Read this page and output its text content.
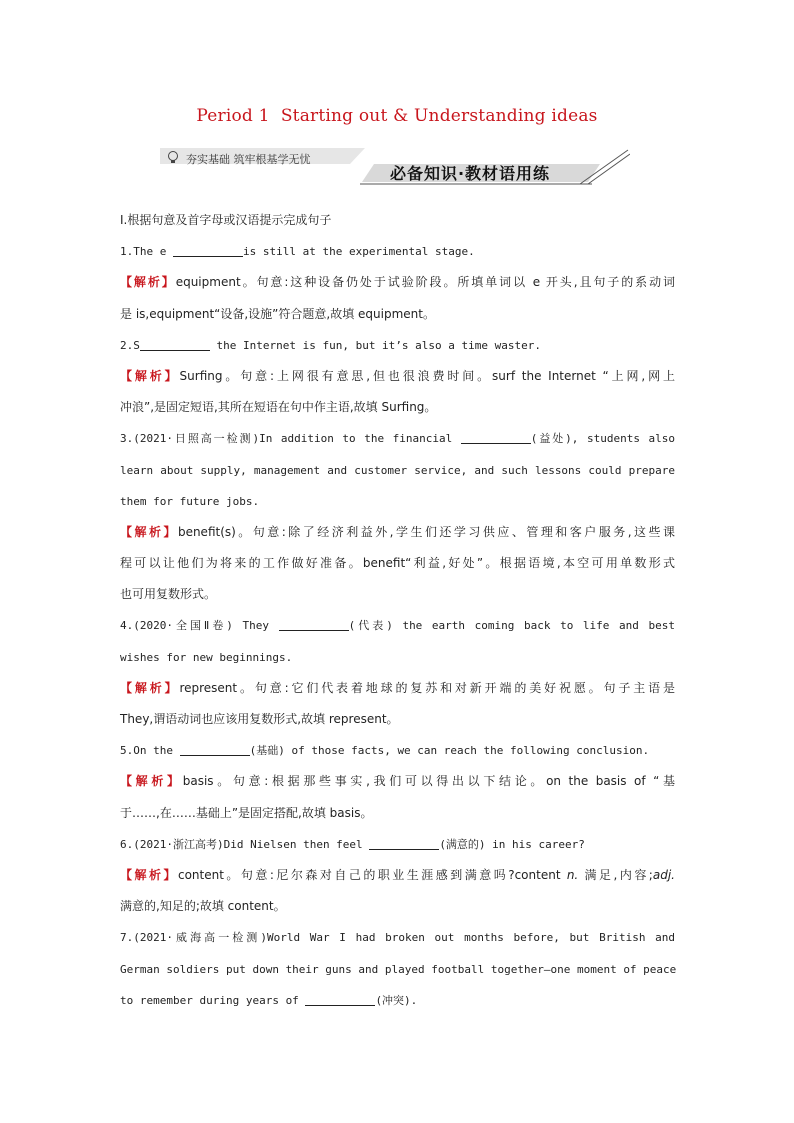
Period 1  Starting out & Understanding ideas
夯实基础 筑牢根基学无忧
必备知识·教材语用练
Ⅰ.根据句意及首字母或汉语提示完成句子
1.The e	is still at the experimental stage.
【解析】equipment。句意:这种设备仍处于试验阶段。所填单词以 e 开头,且句子的系动词
是 is,equipment“设备,设施”符合题意,故填 equipment。
2.S	the Internet is fun, but it’s also a time waster.
【解析】Surfing。句意:上网很有意思,但也很浪费时间。surf the Internet “上网,网上
冲浪”,是固定短语,其所在短语在句中作主语,故填 Surfing。
3.(2021·日照高一检测)In addition to the financial	(益处), students also
learn about supply, management and customer service, and such lessons could prepare
them for future jobs.
【解析】benefit(s)。句意:除了经济利益外,学生们还学习供应、管理和客户服务,这些课
程可以让他们为将来的工作做好准备。benefit“利益,好处”。根据语境,本空可用单数形式
也可用复数形式。
4.(2020·全国Ⅱ卷) They	(代表) the earth coming back to life and best
wishes for new beginnings.
【解析】represent。句意:它们代表着地球的复苏和对新开端的美好祝愿。句子主语是
They,谓语动词也应该用复数形式,故填 represent。
5.On the	(基础) of those facts, we can reach the following conclusion.
【解析】basis。句意:根据那些事实,我们可以得出以下结论。on the basis of “基
于……,在……基础上”是固定搭配,故填 basis。
6.(2021·浙江高考)Did Nielsen then feel	(满意的) in his career?
【解析】content。句意:尼尔森对自己的职业生涯感到满意吗?content n. 满足,内容;adj.
满意的,知足的;故填 content。
7.(2021·威海高一检测)World War I had broken out months before, but British and
German soldiers put down their guns and played football together—one moment of peace
to remember during years of	(冲突).
